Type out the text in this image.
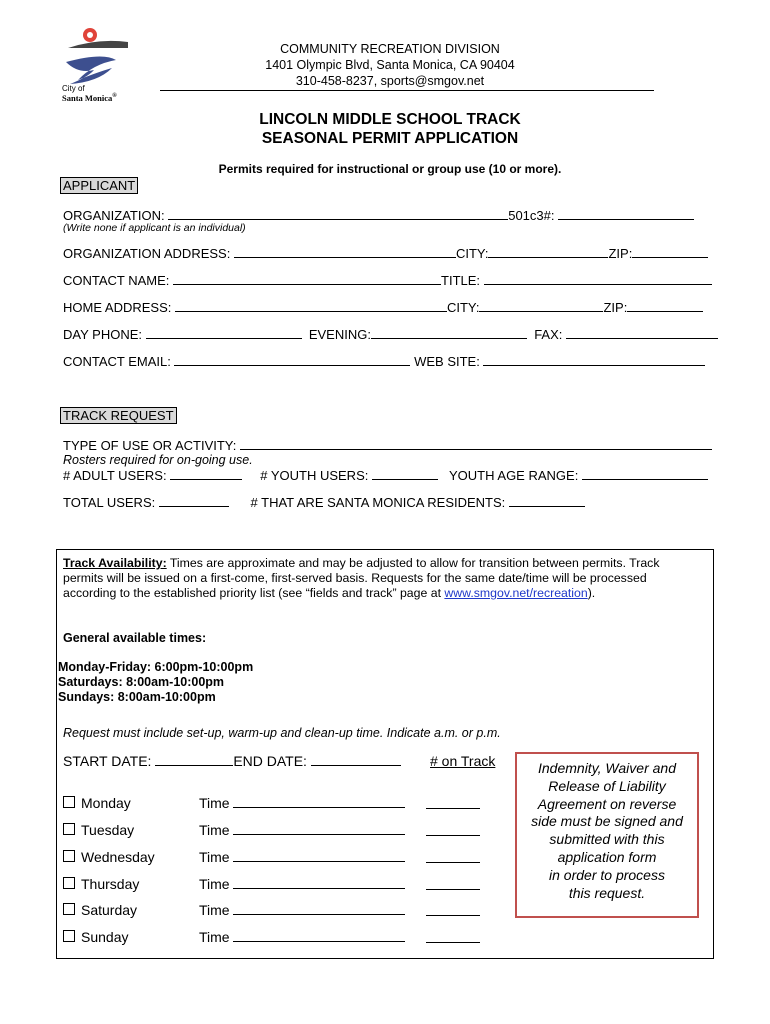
City of
Santa Monica®
COMMUNITY RECREATION DIVISION
1401 Olympic Blvd, Santa Monica, CA 90404
310-458-8237, sports@smgov.net
LINCOLN MIDDLE SCHOOL TRACK
SEASONAL PERMIT APPLICATION
Permits required for instructional or group use (10 or more).
APPLICANT
ORGANIZATION:	501c3#:
(Write none if applicant is an individual)
ORGANIZATION ADDRESS:	CITY:	ZIP:
CONTACT NAME:	TITLE:
HOME ADDRESS:	CITY:	ZIP:
DAY PHONE:	EVENING:	FAX:
CONTACT EMAIL:	WEB SITE:
TRACK REQUEST
TYPE OF USE OR ACTIVITY:
Rosters required for on-going use.
# ADULT USERS:	# YOUTH USERS:	YOUTH AGE RANGE:
TOTAL USERS:	# THAT ARE SANTA MONICA RESIDENTS:
Track Availability: Times are approximate and may be adjusted to allow for transition between permits. Track
permits will be issued on a first-come, first-served basis. Requests for the same date/time will be processed
according to the established priority list (see “fields and track” page at www.smgov.net/recreation).
General available times:
Monday-Friday: 6:00pm-10:00pm
Saturdays: 8:00am-10:00pm
Sundays: 8:00am-10:00pm
Request must include set-up, warm-up and clean-up time. Indicate a.m. or p.m.
START DATE:	END DATE:	# on Track
Monday	Time
Tuesday	Time
Wednesday	Time
Thursday	Time
Saturday	Time
Sunday	Time
Indemnity, Waiver and
Release of Liability
Agreement on reverse
side must be signed and
submitted with this
application form
in order to process
this request.
